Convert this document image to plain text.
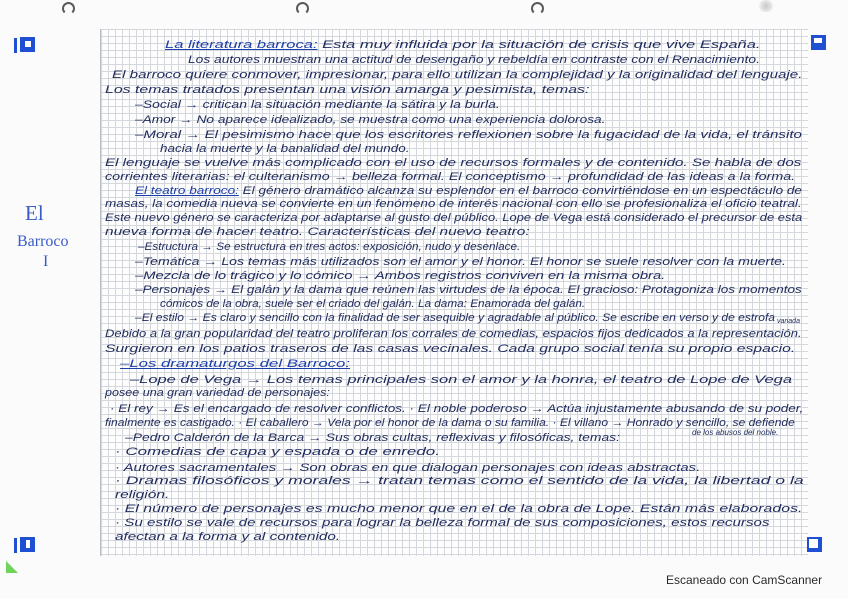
El
Barroco
I
La literatura barroca: Esta muy influida por la situación de crisis que vive España.
Los autores muestran una actitud de desengaño y rebeldía en contraste con el Renacimiento.
El barroco quiere conmover, impresionar, para ello utilizan la complejidad y la originalidad del lenguaje.
Los temas tratados presentan una visión amarga y pesimista, temas:
–Social → critican la situación mediante la sátira y la burla.
–Amor → No aparece idealizado, se muestra como una experiencia dolorosa.
–Moral → El pesimismo hace que los escritores reflexionen sobre la fugacidad de la vida, el tránsito
hacia la muerte y la banalidad del mundo.
El lenguaje se vuelve más complicado con el uso de recursos formales y de contenido. Se habla de dos
corrientes literarias: el culteranismo → belleza formal. El conceptismo → profundidad de las ideas a la forma.
El teatro barroco: El género dramático alcanza su esplendor en el barroco convirtiéndose en un espectáculo de
masas, la comedia nueva se convierte en un fenómeno de interés nacional con ello se profesionaliza el oficio teatral.
Este nuevo género se caracteriza por adaptarse al gusto del público. Lope de Vega está considerado el precursor de esta
nueva forma de hacer teatro. Características del nuevo teatro:
–Estructura → Se estructura en tres actos: exposición, nudo y desenlace.
–Temática → Los temas más utilizados son el amor y el honor. El honor se suele resolver con la muerte.
–Mezcla de lo trágico y lo cómico → Ambos registros conviven en la misma obra.
–Personajes → El galán y la dama que reúnen las virtudes de la época. El gracioso: Protagoniza los momentos
cómicos de la obra, suele ser el criado del galán. La dama: Enamorada del galán.
–El estilo → Es claro y sencillo con la finalidad de ser asequible y agradable al público. Se escribe en verso y de estrofa variada
Debido a la gran popularidad del teatro proliferan los corrales de comedias, espacios fijos dedicados a la representación.
Surgieron en los patios traseros de las casas vecinales. Cada grupo social tenía su propio espacio.
–Los dramaturgos del Barroco:
–Lope de Vega → Los temas principales son el amor y la honra, el teatro de Lope de Vega
posee una gran variedad de personajes:
· El rey → Es el encargado de resolver conflictos. · El noble poderoso → Actúa injustamente abusando de su poder,
finalmente es castigado. · El caballero → Vela por el honor de la dama o su familia. · El villano → Honrado y sencillo, se defiende
de los abusos del noble.
–Pedro Calderón de la Barca → Sus obras cultas, reflexivas y filosóficas, temas:
· Comedias de capa y espada o de enredo.
· Autores sacramentales → Son obras en que dialogan personajes con ideas abstractas.
· Dramas filosóficos y morales → tratan temas como el sentido de la vida, la libertad o la
religión.
· El número de personajes es mucho menor que en el de la obra de Lope. Están más elaborados.
· Su estilo se vale de recursos para lograr la belleza formal de sus composiciones, estos recursos
afectan a la forma y al contenido.
Escaneado con CamScanner
